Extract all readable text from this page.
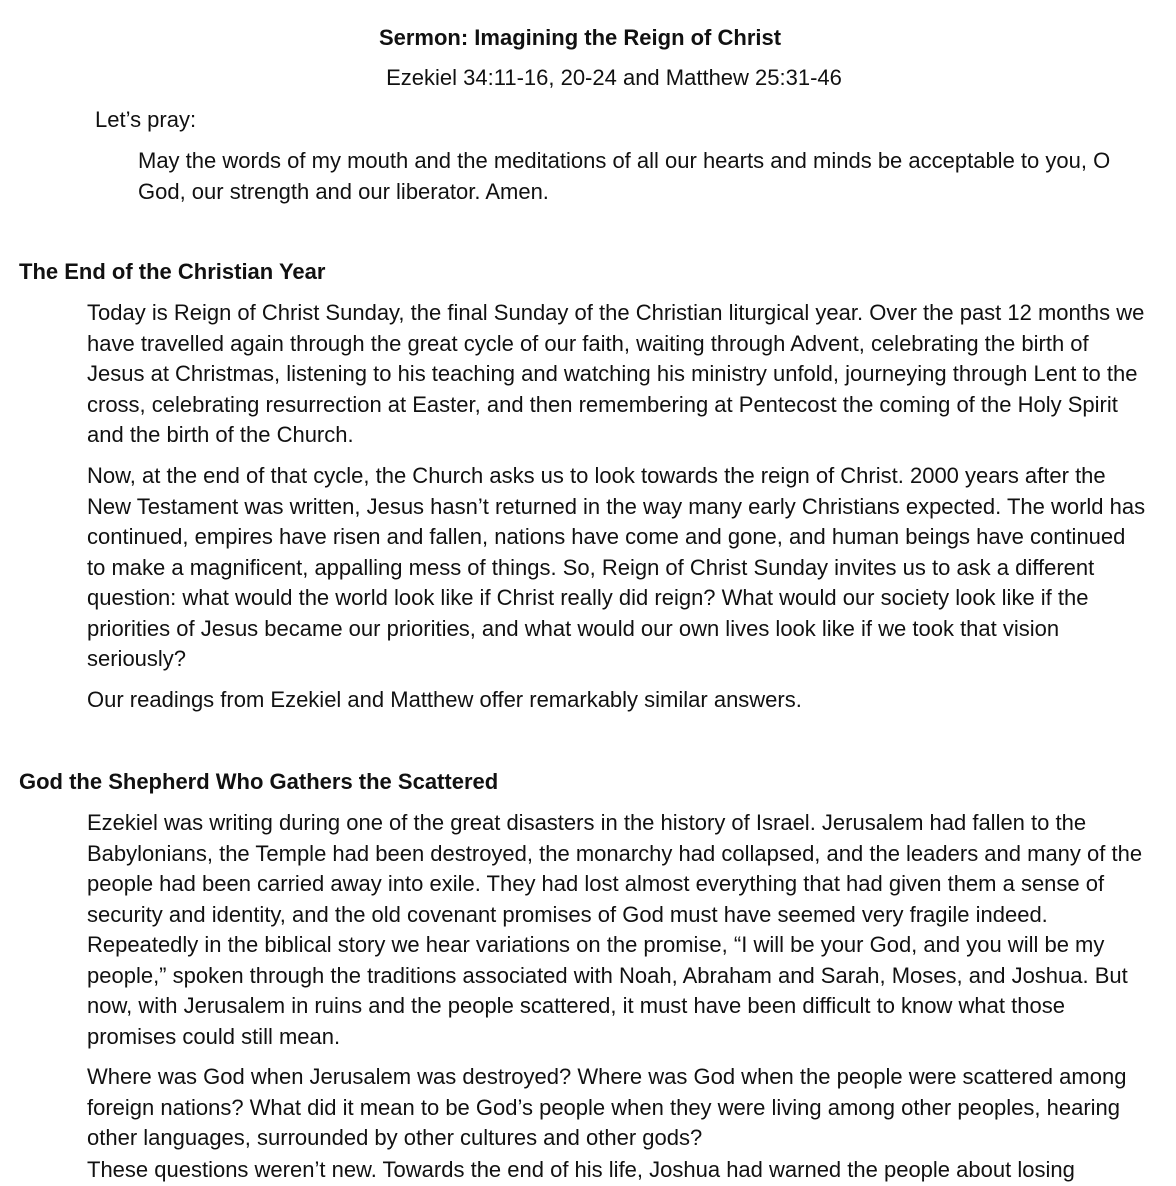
Sermon: Imagining the Reign of Christ
Ezekiel 34:11-16, 20-24 and Matthew 25:31-46
Let’s pray:
May the words of my mouth and the meditations of all our hearts and minds be acceptable to you, O God, our strength and our liberator. Amen.
The End of the Christian Year

Today is Reign of Christ Sunday, the final Sunday of the Christian liturgical year. Over the past 12 months we have travelled again through the great cycle of our faith, waiting through Advent, celebrating the birth of Jesus at Christmas, listening to his teaching and watching his ministry unfold, journeying through Lent to the cross, celebrating resurrection at Easter, and then remembering at Pentecost the coming of the Holy Spirit and the birth of the Church.

Now, at the end of that cycle, the Church asks us to look towards the reign of Christ. 2000 years after the New Testament was written, Jesus hasn’t returned in the way many early Christians expected. The world has continued, empires have risen and fallen, nations have come and gone, and human beings have continued to make a magnificent, appalling mess of things. So, Reign of Christ Sunday invites us to ask a different question: what would the world look like if Christ really did reign? What would our society look like if the priorities of Jesus became our priorities, and what would our own lives look like if we took that vision seriously?

Our readings from Ezekiel and Matthew offer remarkably similar answers.

God the Shepherd Who Gathers the Scattered

Ezekiel was writing during one of the great disasters in the history of Israel. Jerusalem had fallen to the Babylonians, the Temple had been destroyed, the monarchy had collapsed, and the leaders and many of the people had been carried away into exile. They had lost almost everything that had given them a sense of security and identity, and the old covenant promises of God must have seemed very fragile indeed. Repeatedly in the biblical story we hear variations on the promise, “I will be your God, and you will be my people,” spoken through the traditions associated with Noah, Abraham and Sarah, Moses, and Joshua. But now, with Jerusalem in ruins and the people scattered, it must have been difficult to know what those promises could still mean.

Where was God when Jerusalem was destroyed? Where was God when the people were scattered among foreign nations? What did it mean to be God’s people when they were living among other peoples, hearing other languages, surrounded by other cultures and other gods?

These questions weren’t new. Towards the end of his life, Joshua had warned the people about losing
